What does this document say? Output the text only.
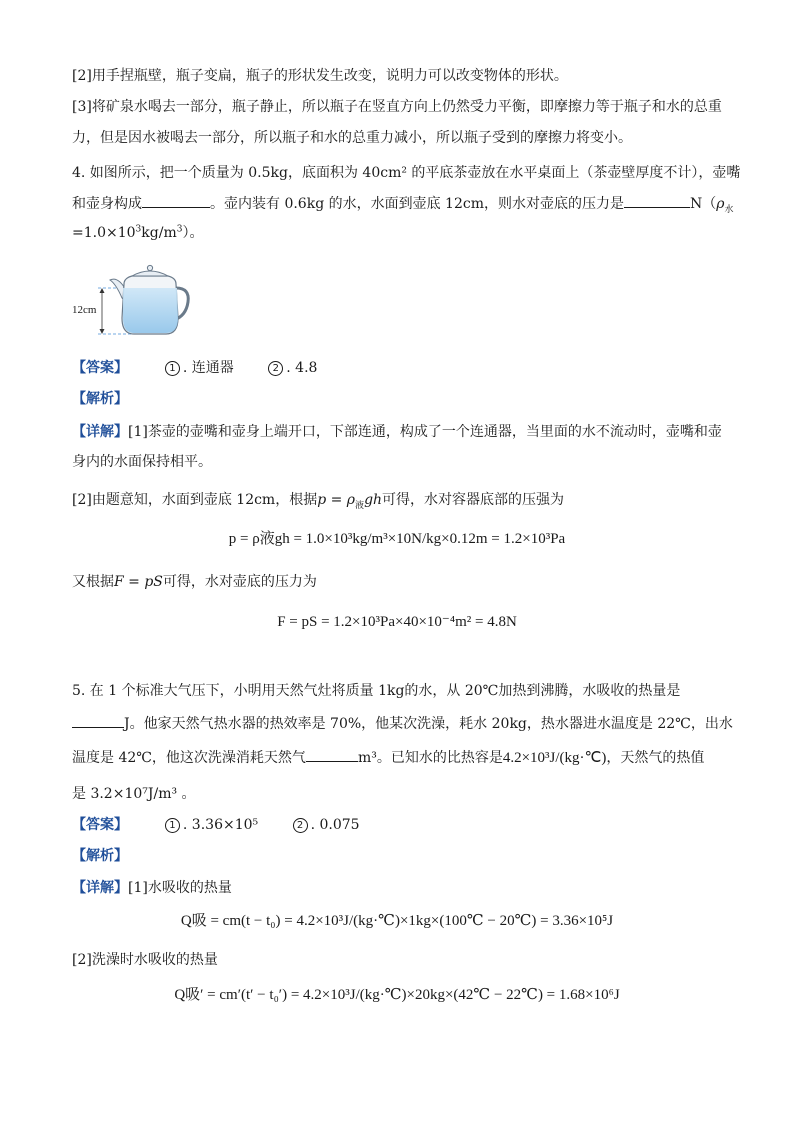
[2]用手捏瓶壁，瓶子变扁，瓶子的形状发生改变，说明力可以改变物体的形状。
[3]将矿泉水喝去一部分，瓶子静止，所以瓶子在竖直方向上仍然受力平衡，即摩擦力等于瓶子和水的总重
力，但是因水被喝去一部分，所以瓶子和水的总重力减小，所以瓶子受到的摩擦力将变小。
4. 如图所示，把一个质量为 0.5kg，底面积为 40cm² 的平底茶壶放在水平桌面上（茶壶壁厚度不计），壶嘴
和壶身构成	。壶内装有 0.6kg 的水，水面到壶底 12cm，则水对壶底的压力是	$N(\rho_水$
$=1.0\times 10^3kg/m^3$）。
12cm
【答案】	1 . 连通器	2 . 4.8
【解析】
【详解】[1]茶壶的壶嘴和壶身上端开口，下部连通，构成了一个连通器，当里面的水不流动时，壶嘴和壶
身内的水面保持相平。
[2]由题意知，水面到壶底 12cm，根据$p = \rho_液gh$可得，水对容器底部的压强为
p = ρ液gh = 1.0×10³kg/m³×10N/kg×0.12m = 1.2×10³Pa
又根据F = pS可得，水对壶底的压力为
F = pS = 1.2×10³Pa×40×10⁻⁴m² = 4.8N
5. 在 1 个标准大气压下，小明用天然气灶将质量 1kg的水，从 20℃加热到沸腾，水吸收的热量是
J。他家天然气热水器的热效率是 70%，他某次洗澡，耗水 20kg，热水器进水温度是 22℃，出水
温度是 42℃，他这次洗澡消耗天然气	m³。已知水的比热容是4.2×10³J/(kg·℃)，天然气的热值
是 3.2×10⁷J/m³ 。
【答案】	1 . 3.36×10⁵	2 . 0.075
【解析】
【详解】[1]水吸收的热量
Q吸 = cm(t − t₀) = 4.2×10³J/(kg·℃)×1kg×(100℃ − 20℃) = 3.36×10⁵J
[2]洗澡时水吸收的热量
Q吸′ = cm′(t′ − t₀′) = 4.2×10³J/(kg·℃)×20kg×(42℃ − 22℃) = 1.68×10⁶J
